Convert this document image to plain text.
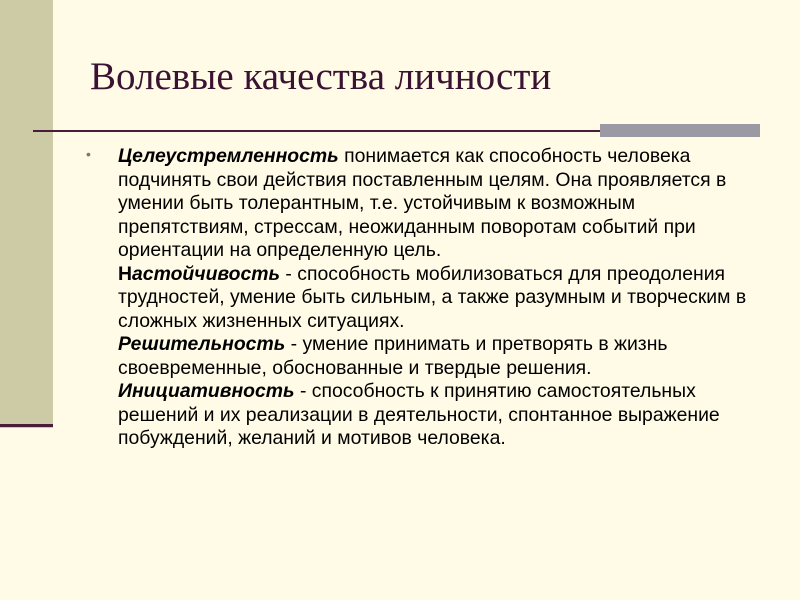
Волевые качества личности
• Целеустремленность понимается как способность человека подчинять свои действия поставленным целям. Она проявляется в умении быть толерантным, т.е. устойчивым к возможным препятствиям, стрессам, неожиданным поворотам событий при ориентации на определенную цель.

Настойчивость - способность мобилизоваться для преодоления трудностей, умение быть сильным, а также разумным и творческим в сложных жизненных ситуациях.

Решительность - умение принимать и претворять в жизнь своевременные, обоснованные и твердые решения.

Инициативность - способность к принятию самостоятельных решений и их реализации в деятельности, спонтанное выражение побуждений, желаний и мотивов человека.
